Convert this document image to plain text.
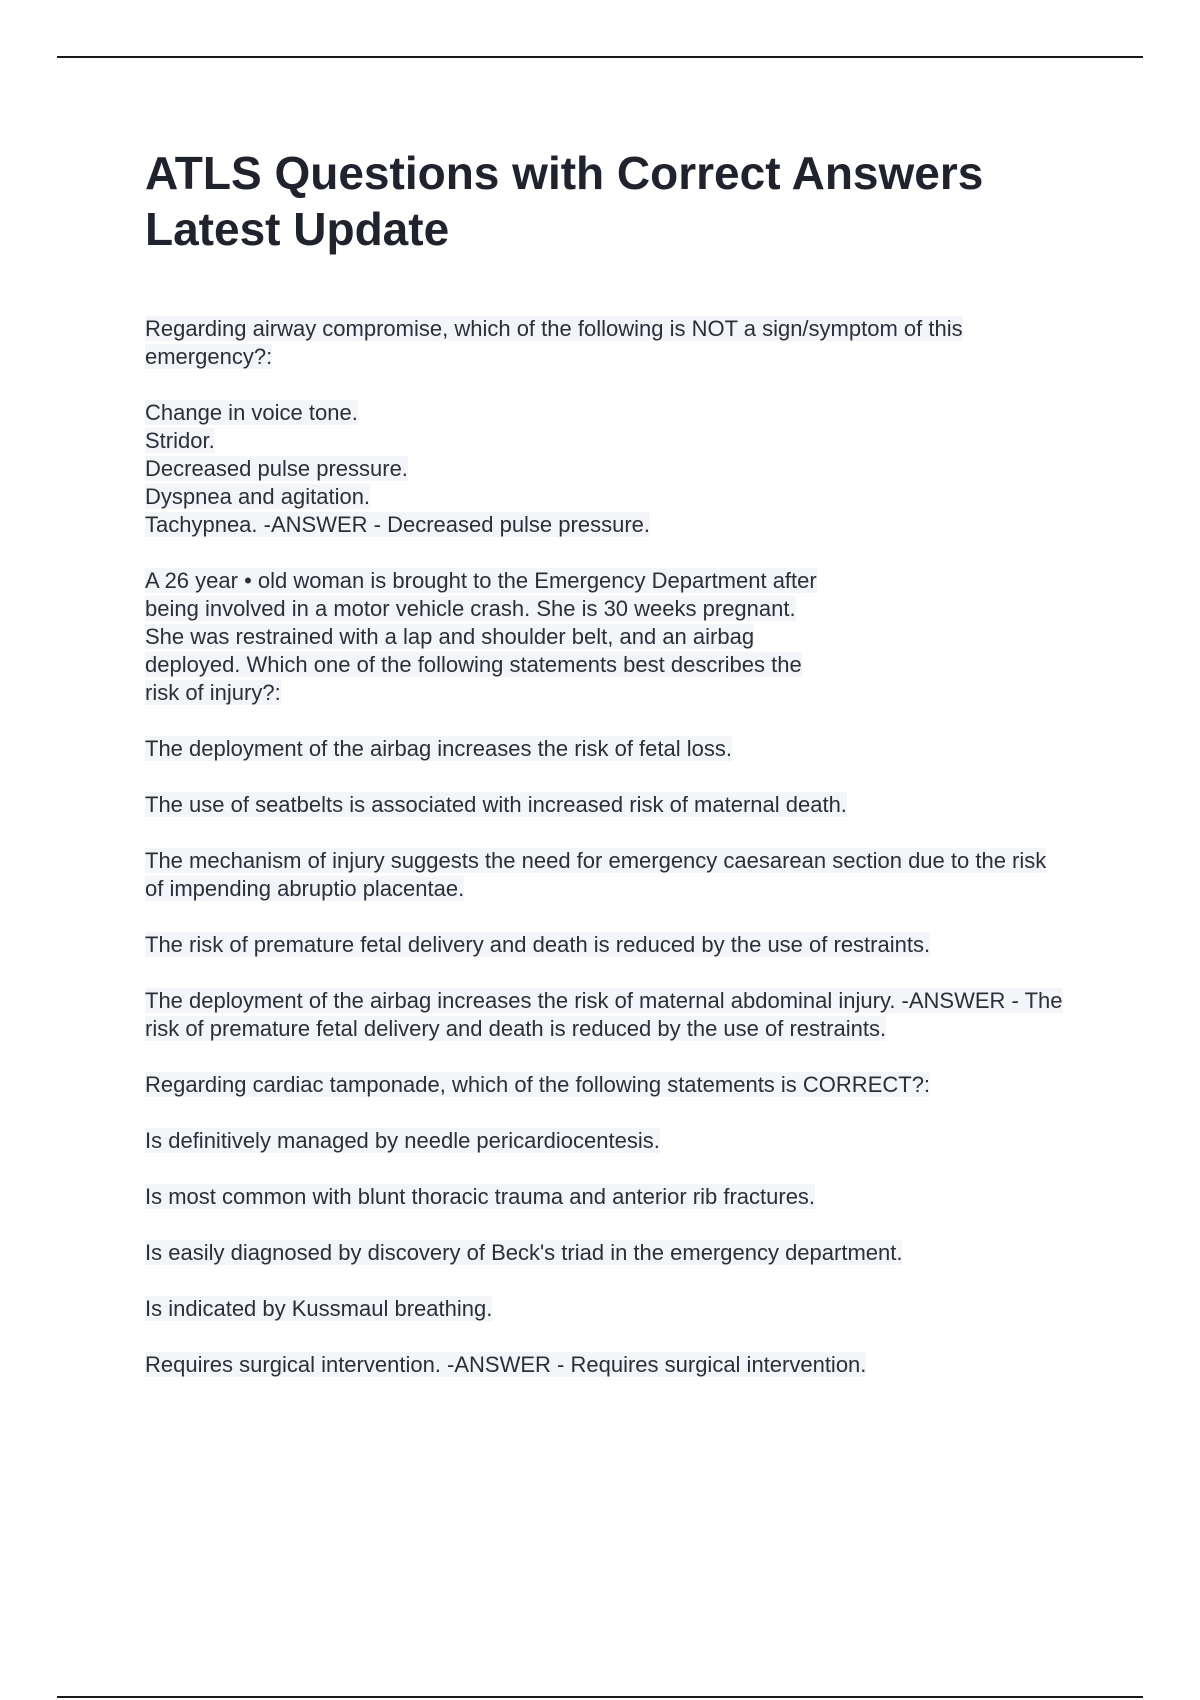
ATLS Questions with Correct Answers
Latest Update

Regarding airway compromise, which of the following is NOT a sign/symptom of this emergency?:

Change in voice tone.
Stridor.
Decreased pulse pressure.
Dyspnea and agitation.
Tachypnea. -ANSWER - Decreased pulse pressure.

A 26 year • old woman is brought to the Emergency Department after being involved in a motor vehicle crash. She is 30 weeks pregnant. She was restrained with a lap and shoulder belt, and an airbag deployed. Which one of the following statements best describes the risk of injury?:

The deployment of the airbag increases the risk of fetal loss.

The use of seatbelts is associated with increased risk of maternal death.

The mechanism of injury suggests the need for emergency caesarean section due to the risk of impending abruptio placentae.

The risk of premature fetal delivery and death is reduced by the use of restraints.

The deployment of the airbag increases the risk of maternal abdominal injury. -ANSWER - The risk of premature fetal delivery and death is reduced by the use of restraints.

Regarding cardiac tamponade, which of the following statements is CORRECT?:

Is definitively managed by needle pericardiocentesis.

Is most common with blunt thoracic trauma and anterior rib fractures.

Is easily diagnosed by discovery of Beck's triad in the emergency department.

Is indicated by Kussmaul breathing.

Requires surgical intervention. -ANSWER - Requires surgical intervention.
